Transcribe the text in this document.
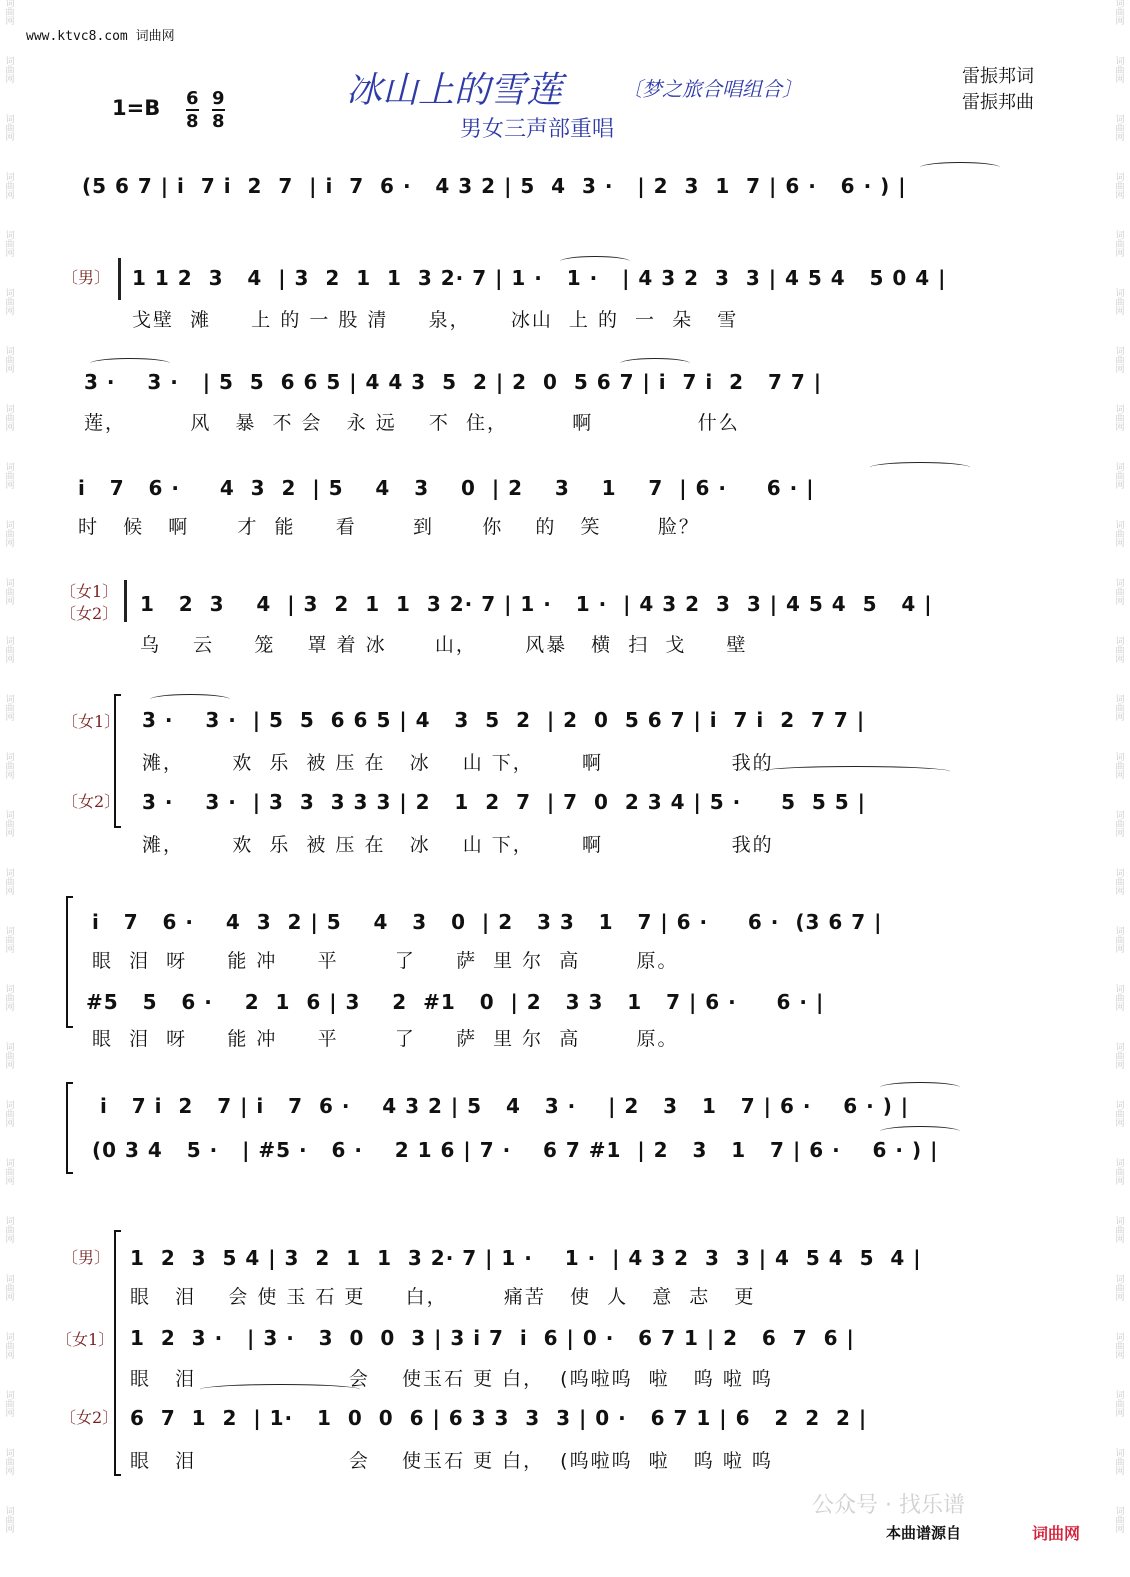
词
曲
网
词
曲
网
词
曲
网
词
曲
网
词
曲
网
词
曲
网
词
曲
网
词
曲
网
词
曲
网
词
曲
网
词
曲
网
词
曲
网
词
曲
网
词
曲
网
词
曲
网
词
曲
网
词
曲
网
词
曲
网
词
曲
网
词
曲
网
词
曲
网
词
曲
网
词
曲
网
词
曲
网
词
曲
网
词
曲
网
词
曲
网
词
曲
网
词
曲
网
词
曲
网
词
曲
网
词
曲
网
词
曲
网
词
曲
网
词
曲
网
词
曲
网
词
曲
网
词
曲
网
词
曲
网
词
曲
网
词
曲
网
词
曲
网
词
曲
网
词
曲
网
词
曲
网
词
曲
网
词
曲
网
词
曲
网
词
曲
网
词
曲
网
词
曲
网
词
曲
网
词
曲
网
词
曲
网
www.ktvc8.com 词曲网
冰山上的雪莲	〔梦之旅合唱组合〕
男女三声部重唱
1=B 6
8
9
8
雷振邦词
雷振邦曲
(5 6 7 | i  7 i  2  7  | i  7  6 ·   4 3 2 | 5  4  3 ·   | 2  3  1  7 | 6 ·   6 · ) |
〔男〕	1 1 2  3   4  | 3  2  1  1  3 2· 7 | 1 ·   1 ·   | 4 3 2  3  3 | 4 5 4   5 0 4 |
戈壁  滩     上 的 一 股 清     泉，     冰山  上 的  一  朵   雪
3 ·    3 ·   | 5  5  6 6 5 | 4 4 3  5  2 | 2  0  5 6 7 | i  7 i  2   7 7 |
莲，        风   暴  不 会   永 远    不  住，        啊             什么
i   7   6 ·     4  3  2  | 5    4   3    0  | 2    3    1    7  | 6 ·     6 · |
时   候   啊      才  能     看       到      你    的   笑       脸？
〔女1〕
〔女2〕	1   2  3    4  | 3  2  1  1  3 2· 7 | 1 ·   1 ·  | 4 3 2  3  3 | 4 5 4  5   4 |
乌    云     笼    罩 着 冰      山，      风暴   横  扫  戈     壁
〔女1〕	3 ·    3 ·  | 5  5  6 6 5 | 4   3  5  2  | 2  0  5 6 7 | i  7 i  2  7 7 |
滩，      欢  乐  被 压 在   冰    山 下，      啊                我的
〔女2〕	3 ·    3 ·  | 3  3  3 3 3 | 2   1  2  7  | 7  0  2 3 4 | 5 ·     5  5 5 |
滩，      欢  乐  被 压 在   冰    山 下，      啊                我的
i   7   6 ·    4  3  2 | 5    4   3   0  | 2   3 3   1   7 | 6 ·     6 ·  (3 6 7 |
眼  泪  呀     能 冲     平       了     萨  里 尔  高       原。
#5   5   6 ·    2  1  6 | 3    2  #1   0  | 2   3 3   1   7 | 6 ·     6 · |
眼  泪  呀     能 冲     平       了     萨  里 尔  高       原。
i   7 i  2   7 | i   7  6 ·    4 3 2 | 5   4   3 ·    | 2   3   1   7 | 6 ·    6 · ) |
(0 3 4   5 ·   | #5 ·   6 ·    2 1 6 | 7 ·    6 7 #1  | 2   3   1   7 | 6 ·    6 · ) |
〔男〕 1  2  3  5 4 | 3  2  1  1  3 2· 7 | 1 ·    1 ·  | 4 3 2  3  3 | 4  5 4  5  4 |
眼   泪    会 使 玉 石 更     白，       痛苦   使  人   意  志   更
〔女1〕 1  2  3 ·   | 3 ·   3  0  0  3 | 3 i 7  i  6 | 0 ·   6 7 1 | 2   6  7  6 |
眼   泪                   会    使玉石 更 白，  (呜啦呜  啦   呜 啦 呜
〔女2〕 6  7  1  2  | 1·   1  0  0  6 | 6 3 3  3  3 | 0 ·   6 7 1 | 6   2  2  2 |
眼   泪                   会    使玉石 更 白，  (呜啦呜  啦   呜 啦 呜
公众号 · 找乐谱
本曲谱源自	词曲网
